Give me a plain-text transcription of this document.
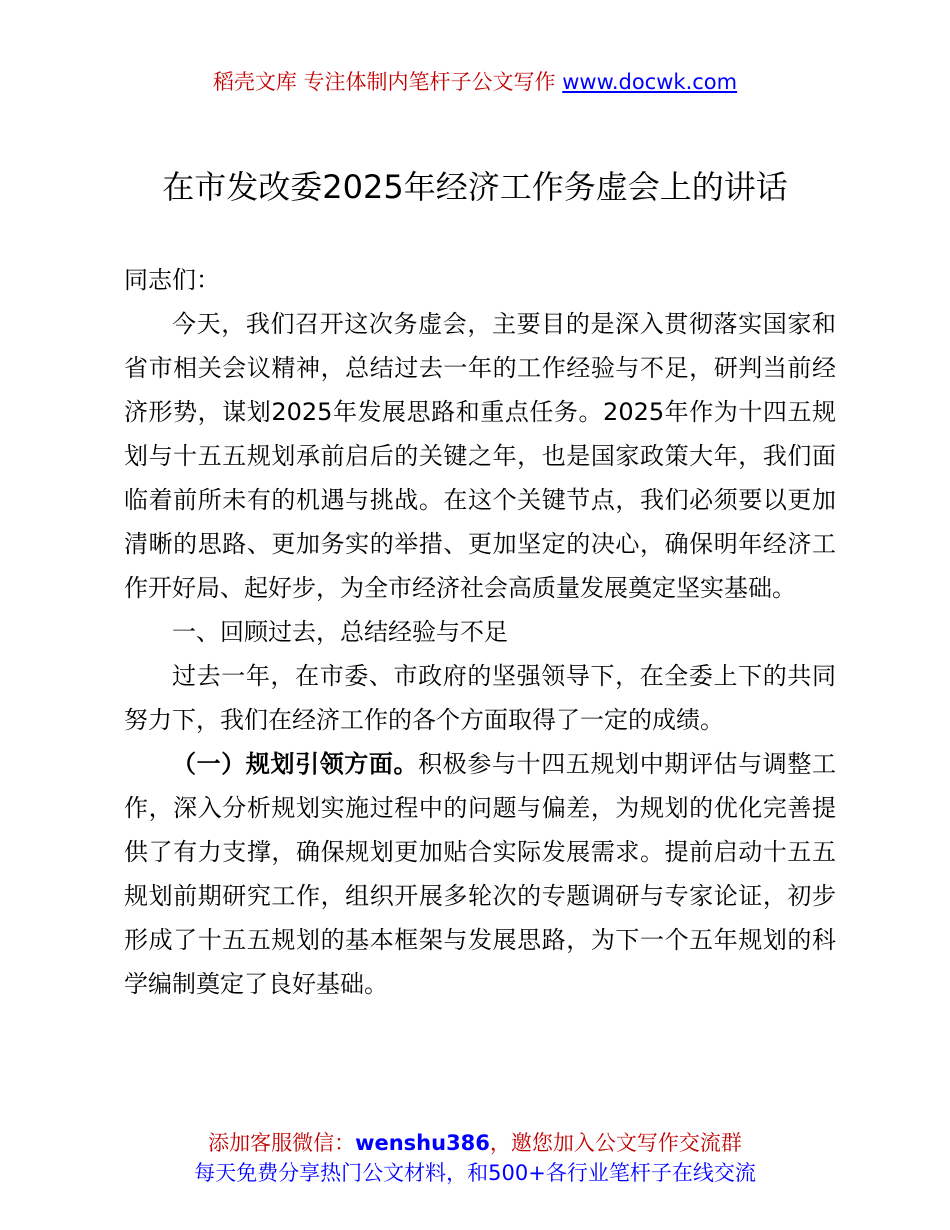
稻壳文库 专注体制内笔杆子公文写作 www.docwk.com
在市发改委2025年经济工作务虚会上的讲话

同志们：

今天，我们召开这次务虚会，主要目的是深入贯彻落实国家和省市相关会议精神，总结过去一年的工作经验与不足，研判当前经济形势，谋划2025年发展思路和重点任务。2025年作为十四五规划与十五五规划承前启后的关键之年，也是国家政策大年，我们面临着前所未有的机遇与挑战。在这个关键节点，我们必须要以更加清晰的思路、更加务实的举措、更加坚定的决心，确保明年经济工作开好局、起好步，为全市经济社会高质量发展奠定坚实基础。

一、回顾过去，总结经验与不足

过去一年，在市委、市政府的坚强领导下，在全委上下的共同努力下，我们在经济工作的各个方面取得了一定的成绩。

（一）规划引领方面。积极参与十四五规划中期评估与调整工作，深入分析规划实施过程中的问题与偏差，为规划的优化完善提供了有力支撑，确保规划更加贴合实际发展需求。提前启动十五五规划前期研究工作，组织开展多轮次的专题调研与专家论证，初步形成了十五五规划的基本框架与发展思路，为下一个五年规划的科学编制奠定了良好基础。

添加客服微信：wenshu386，邀您加入公文写作交流群
每天免费分享热门公文材料，和500+各行业笔杆子在线交流
